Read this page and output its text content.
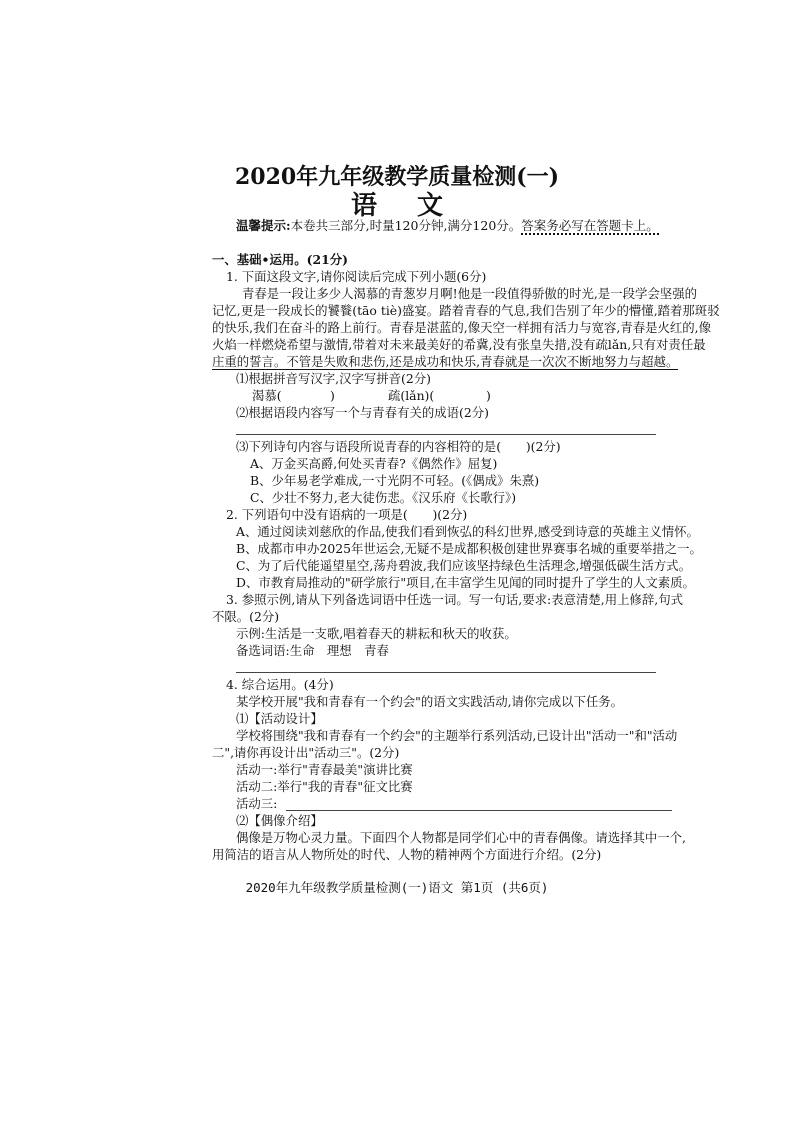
2020年九年级教学质量检测(一)
语文
温馨提示:本卷共三部分,时量120分钟,满分120分。答案务必写在答题卡上。
一、基础•运用。(21分)
1. 下面这段文字,请你阅读后完成下列小题(6分)
青春是一段让多少人渴慕的青葱岁月啊!他是一段值得骄傲的时光,是一段学会坚强的
记忆,更是一段成长的饕餮(tāo tiè)盛宴。踏着青春的气息,我们告别了年少的懵懂,踏着那斑驳
的快乐,我们在奋斗的路上前行。青春是湛蓝的,像天空一样拥有活力与宽容,青春是火红的,像
火焰一样燃烧希望与激情,带着对未来最美好的希冀,没有张皇失措,没有疏lǎn,只有对责任最
庄重的誓言。不管是失败和悲伤,还是成功和快乐,青春就是一次次不断地努力与超越。
⑴根据拼音写汉字,汉字写拼音(2分)
渴慕(	)	疏(lǎn)(	)
⑵根据语段内容写一个与青春有关的成语(2分)
⑶下列诗句内容与语段所说青春的内容相符的是(　　)(2分)
A、万金买高爵,何处买青春?《偶然作》屈复)
B、少年易老学难成,一寸光阴不可轻。(《偶成》朱熹)
C、少壮不努力,老大徒伤悲。《汉乐府《长歌行》)
2. 下列语句中没有语病的一项是(　　)(2分)
A、通过阅读刘慈欣的作品,使我们看到恢弘的科幻世界,感受到诗意的英雄主义情怀。
B、成都市申办2025年世运会,无疑不是成都积极创建世界赛事名城的重要举措之一。
C、为了后代能遥望星空,荡舟碧波,我们应该坚持绿色生活理念,增强低碳生活方式。
D、市教育局推动的"研学旅行"项目,在丰富学生见闻的同时提升了学生的人文素质。
3. 参照示例,请从下列备选词语中任选一词。写一句话,要求:表意清楚,用上修辞,句式
不限。(2分)
示例:生活是一支歌,唱着春天的耕耘和秋天的收获。
备选词语:生命　理想　青春
4. 综合运用。(4分)
某学校开展"我和青春有一个约会"的语文实践活动,请你完成以下任务。
⑴【活动设计】
学校将围绕"我和青春有一个约会"的主题举行系列活动,已设计出"活动一"和"活动
二",请你再设计出"活动三"。(2分)
活动一:举行"青春最美"演讲比赛
活动二:举行"我的青春"征文比赛
活动三:
⑵【偶像介绍】
偶像是万物心灵力量。下面四个人物都是同学们心中的青春偶像。请选择其中一个,
用简洁的语言从人物所处的时代、人物的精神两个方面进行介绍。(2分)
2020年九年级教学质量检测(一)语文 第1页 (共6页)
